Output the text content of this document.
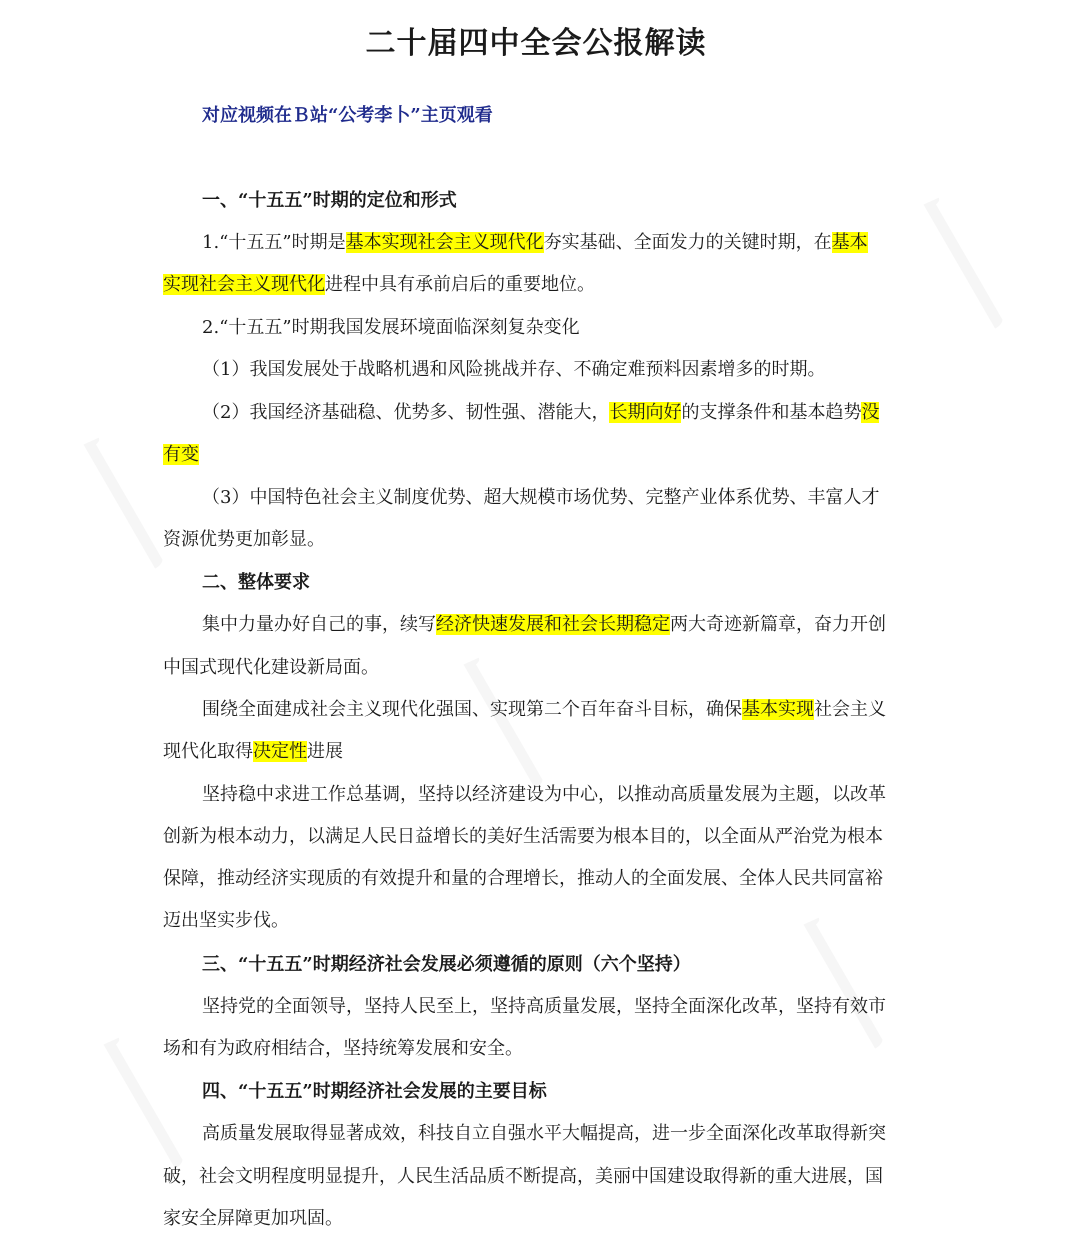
二十届四中全会公报解读

对应视频在Ｂ站“公考李卜”主页观看

一、“十五五”时期的定位和形式

1.“十五五”时期是基本实现社会主义现代化夯实基础、全面发力的关键时期，在基本

实现社会主义现代化进程中具有承前启后的重要地位。

2.“十五五”时期我国发展环境面临深刻复杂变化

（1）我国发展处于战略机遇和风险挑战并存、不确定难预料因素增多的时期。

（2）我国经济基础稳、优势多、韧性强、潜能大，长期向好的支撑条件和基本趋势没

有变

（3）中国特色社会主义制度优势、超大规模市场优势、完整产业体系优势、丰富人才

资源优势更加彰显。

二、整体要求

集中力量办好自己的事，续写经济快速发展和社会长期稳定两大奇迹新篇章，奋力开创

中国式现代化建设新局面。

围绕全面建成社会主义现代化强国、实现第二个百年奋斗目标，确保基本实现社会主义

现代化取得决定性进展

坚持稳中求进工作总基调，坚持以经济建设为中心，以推动高质量发展为主题，以改革

创新为根本动力，以满足人民日益增长的美好生活需要为根本目的，以全面从严治党为根本

保障，推动经济实现质的有效提升和量的合理增长，推动人的全面发展、全体人民共同富裕

迈出坚实步伐。

三、“十五五”时期经济社会发展必须遵循的原则（六个坚持）

坚持党的全面领导，坚持人民至上，坚持高质量发展，坚持全面深化改革，坚持有效市

场和有为政府相结合，坚持统筹发展和安全。

四、“十五五”时期经济社会发展的主要目标

高质量发展取得显著成效，科技自立自强水平大幅提高，进一步全面深化改革取得新突

破，社会文明程度明显提升，人民生活品质不断提高，美丽中国建设取得新的重大进展，国

家安全屏障更加巩固。
